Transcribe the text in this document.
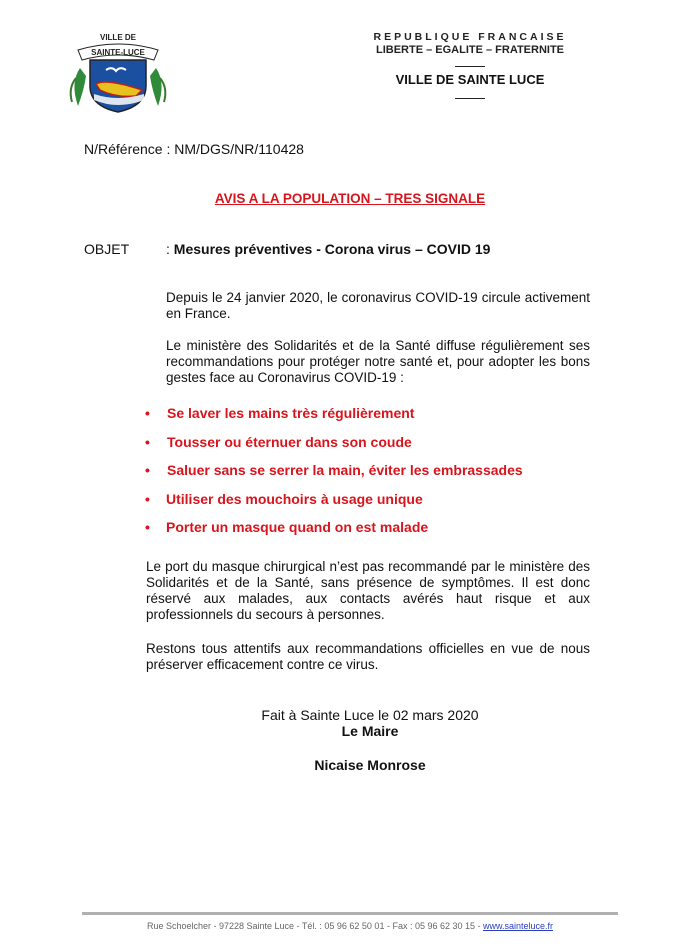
VILLE DE
SAINTE-LUCE
REPUBLIQUE FRANCAISE
LIBERTE – EGALITE – FRATERNITE
VILLE DE SAINTE LUCE
N/Référence : NM/DGS/NR/110428
AVIS A LA POPULATION – TRES SIGNALE
OBJET	: Mesures préventives - Corona virus – COVID 19
Depuis le 24 janvier 2020, le coronavirus COVID-19 circule activement en France.
Le ministère des Solidarités et de la Santé diffuse régulièrement ses recommandations pour protéger notre santé et, pour adopter les bons gestes face au Coronavirus COVID-19 :
• Se laver les mains très régulièrement
• Tousser ou éternuer dans son coude
• Saluer sans se serrer la main, éviter les embrassades
• Utiliser des mouchoirs à usage unique
• Porter un masque quand on est malade
Le port du masque chirurgical n’est pas recommandé par le ministère des Solidarités et de la Santé, sans présence de symptômes. Il est donc réservé aux malades, aux contacts avérés haut risque et aux professionnels du secours à personnes.
Restons tous attentifs aux recommandations officielles en vue de nous préserver efficacement contre ce virus.
Fait à Sainte Luce le 02 mars 2020
Le Maire
Nicaise Monrose
Rue Schoelcher - 97228 Sainte Luce - Tél. : 05 96 62 50 01 - Fax : 05 96 62 30 15 - www.sainteluce.fr
